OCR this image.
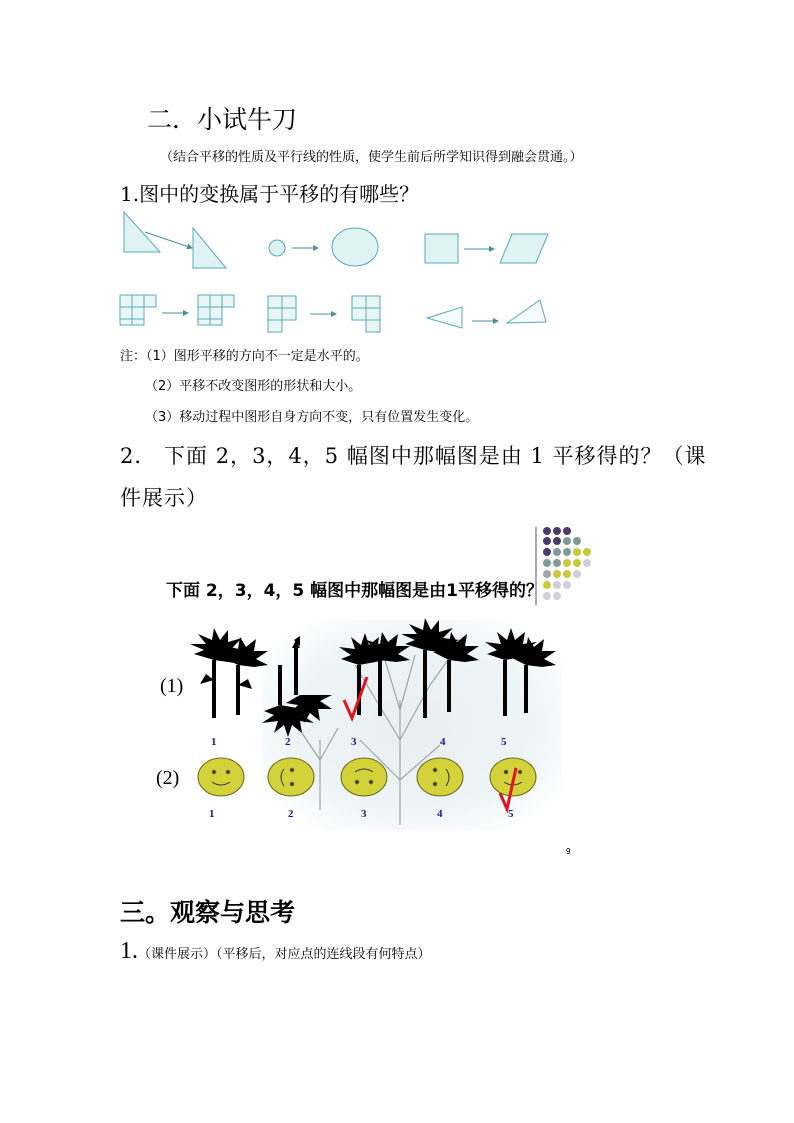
二．小试牛刀
（结合平移的性质及平行线的性质，使学生前后所学知识得到融会贯通。）
1.图中的变换属于平移的有哪些？
注：（1）图形平移的方向不一定是水平的。
（2）平移不改变图形的形状和大小。
（3）移动过程中图形自身方向不变，只有位置发生变化。
2． 下面 2，3，4，5 幅图中那幅图是由 1 平移得的？（课
件展示）
下面 2，3，4，5 幅图中那幅图是由1平移得的？
(1)
(2)
1	2	3	4	5
1	2	3	4	5
9
三。观察与思考
1.（课件展示）（平移后，对应点的连线段有何特点）
